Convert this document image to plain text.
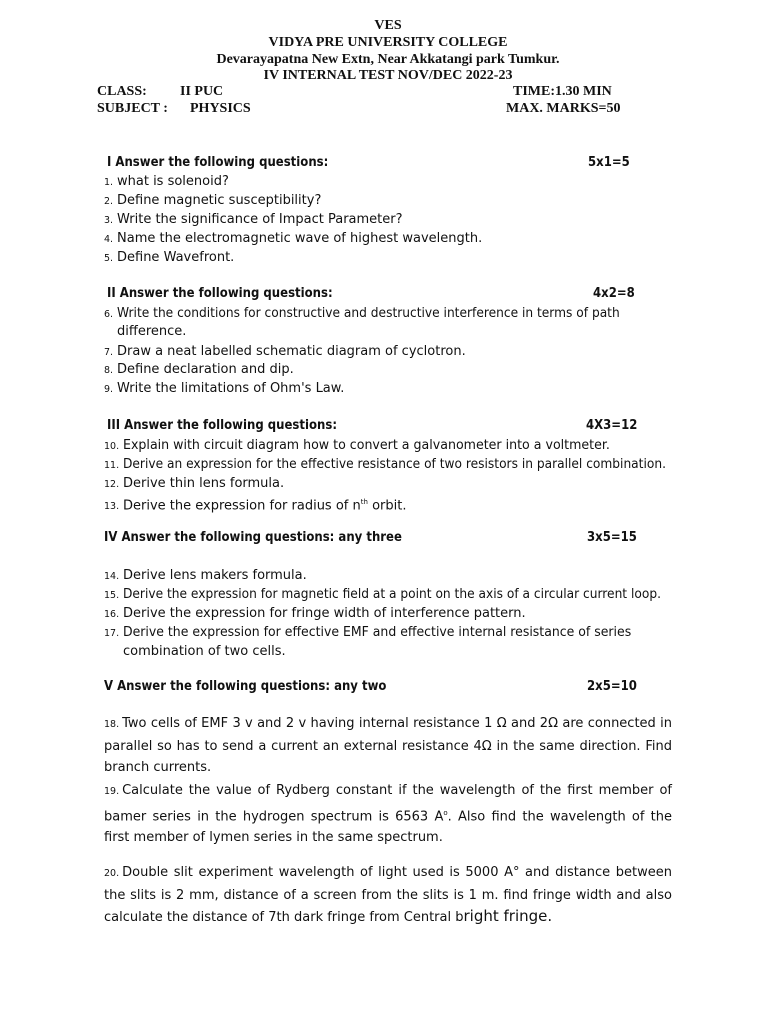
VES
VIDYA PRE UNIVERSITY COLLEGE
Devarayapatna New Extn, Near Akkatangi park Tumkur.
IV INTERNAL TEST NOV/DEC 2022-23
CLASS: II PUC	TIME:1.30 MIN
SUBJECT : PHYSICS	MAX. MARKS=50
I Answer the following questions:	5x1=5
1. what is solenoid?
2. Define magnetic susceptibility?
3. Write the significance of Impact Parameter?
4. Name the electromagnetic wave of highest wavelength.
5. Define Wavefront.
II Answer the following questions:	4x2=8
6. Write the conditions for constructive and destructive interference in terms of path
difference.
7. Draw a neat labelled schematic diagram of cyclotron.
8. Define declaration and dip.
9. Write the limitations of Ohm's Law.
III Answer the following questions:	4X3=12
10. Explain with circuit diagram how to convert a galvanometer into a voltmeter.
11. Derive an expression for the effective resistance of two resistors in parallel combination.
12. Derive thin lens formula.
13. Derive the expression for radius of $n^{th}$ orbit.
IV Answer the following questions: any three	3x5=15
14. Derive lens makers formula.
15. Derive the expression for magnetic field at a point on the axis of a circular current loop.
16. Derive the expression for fringe width of interference pattern.
17. Derive the expression for effective EMF and effective internal resistance of series
combination of two cells.
V Answer the following questions: any two	2x5=10
18. Two cells of EMF 3 v and 2 v having internal resistance 1 Ω and 2Ω are connected in parallel so has to send a current an external resistance 4Ω in the same direction. Find branch currents.
19. Calculate the value of Rydberg constant if the wavelength of the first member of bamer series in the hydrogen spectrum is 6563 $A^o$. Also find the wavelength of the first member of lymen series in the same spectrum.
20. Double slit experiment wavelength of light used is 5000 A° and distance between the slits is 2 mm, distance of a screen from the slits is 1 m. find fringe width and also calculate the distance of 7th dark fringe from Central bright fringe.
